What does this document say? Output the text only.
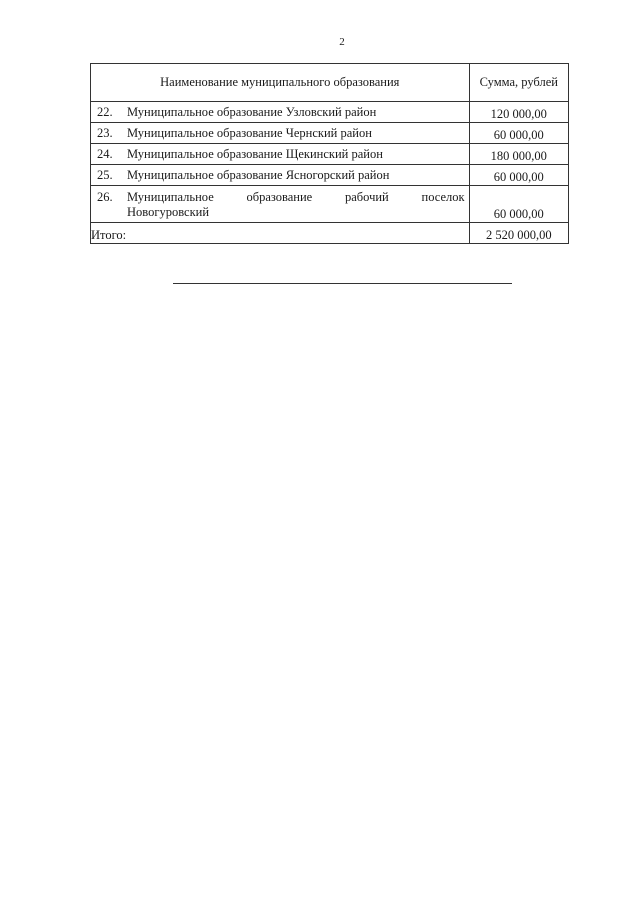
2
Наименование муниципального образования	Сумма, рублей

22. Муниципальное образование Узловский район	120 000,00

23. Муниципальное образование Чернский район	60 000,00

24. Муниципальное образование Щекинский район	180 000,00

25. Муниципальное образование Ясногорский район	60 000,00

26. Муниципальное образование рабочий поселок
Новогуровский	60 000,00
Итого:	2 520 000,00
